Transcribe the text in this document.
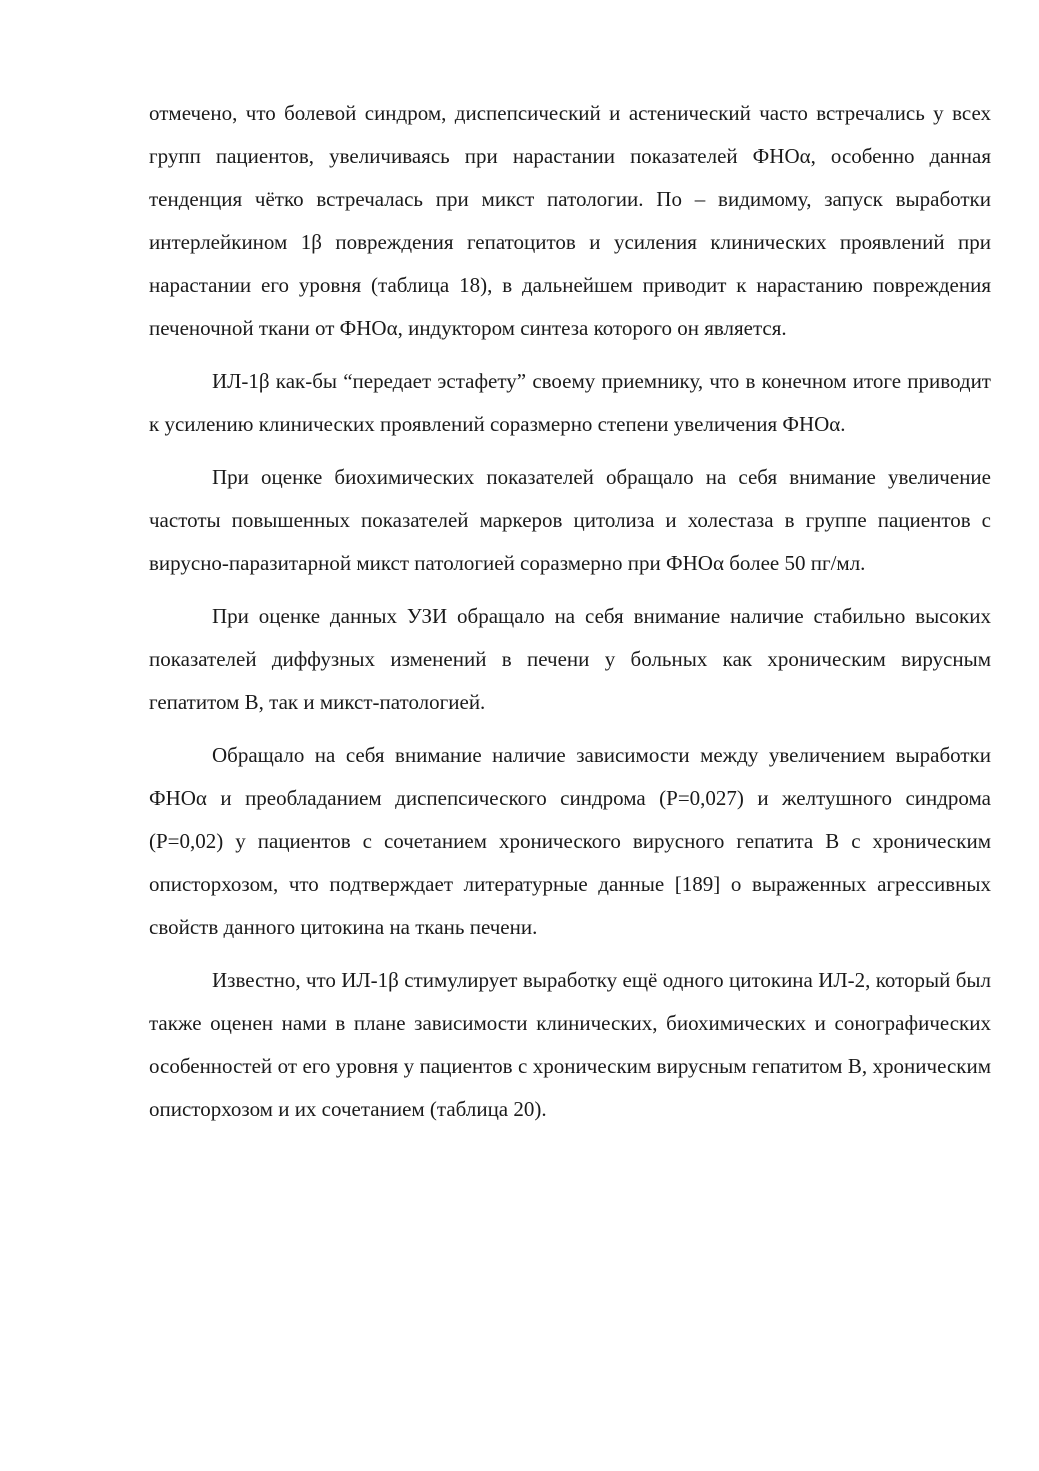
отмечено, что болевой синдром, диспепсический и астенический часто встречались у всех групп пациентов, увеличиваясь при нарастании показателей ФНОα, особенно данная тенденция чётко встречалась при микст патологии. По – видимому, запуск выработки интерлейкином 1β повреждения гепатоцитов и усиления клинических проявлений при нарастании его уровня (таблица 18), в дальнейшем приводит к нарастанию повреждения печеночной ткани от ФНОα, индуктором синтеза которого он является.

ИЛ-1β как-бы “передает эстафету” своему приемнику, что в конечном итоге приводит к усилению клинических проявлений соразмерно степени увеличения ФНОα.

При оценке биохимических показателей обращало на себя внимание увеличение частоты повышенных показателей маркеров цитолиза и холестаза в группе пациентов с вирусно-паразитарной микст патологией соразмерно при ФНОα более 50 пг/мл.

При оценке данных УЗИ обращало на себя внимание наличие стабильно высоких показателей диффузных изменений в печени у больных как хроническим вирусным гепатитом В, так и микст-патологией.

Обращало на себя внимание наличие зависимости между увеличением выработки ФНОα и преобладанием диспепсического синдрома (Р=0,027) и желтушного синдрома (Р=0,02) у пациентов с сочетанием хронического вирусного гепатита В с хроническим описторхозом, что подтверждает литературные данные [189] о выраженных агрессивных свойств данного цитокина на ткань печени.

Известно, что ИЛ-1β стимулирует выработку ещё одного цитокина ИЛ-2, который был также оценен нами в плане зависимости клинических, биохимических и сонографических особенностей от его уровня у пациентов с хроническим вирусным гепатитом В, хроническим описторхозом и их сочетанием (таблица 20).
